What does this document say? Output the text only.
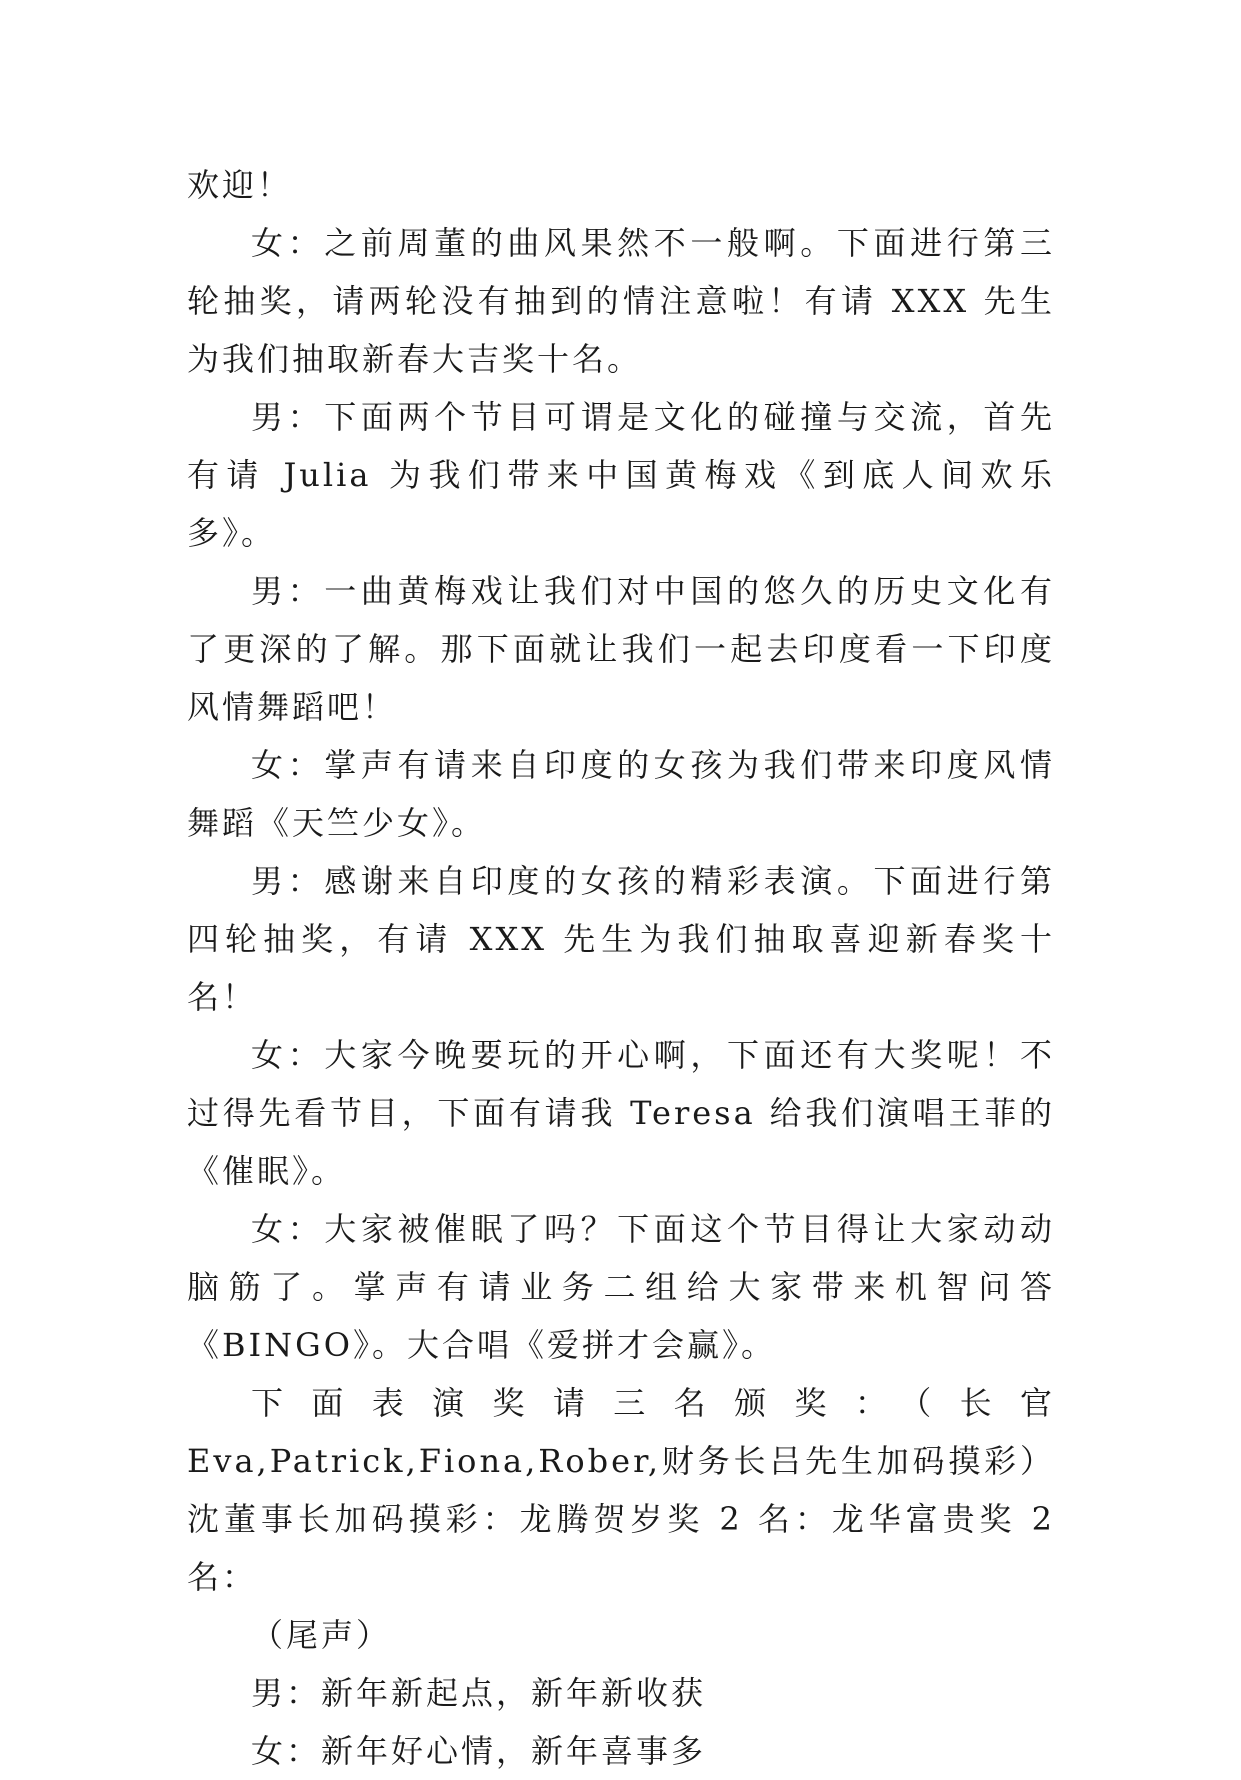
欢迎！

女：之前周董的曲风果然不一般啊。下面进行第三轮抽奖，请两轮没有抽到的情注意啦！有请 XXX 先生为我们抽取新春大吉奖十名。

男：下面两个节目可谓是文化的碰撞与交流，首先有请 Julia 为我们带来中国黄梅戏《到底人间欢乐多》。

男：一曲黄梅戏让我们对中国的悠久的历史文化有了更深的了解。那下面就让我们一起去印度看一下印度风情舞蹈吧！

女：掌声有请来自印度的女孩为我们带来印度风情舞蹈《天竺少女》。

男：感谢来自印度的女孩的精彩表演。下面进行第四轮抽奖，有请 XXX 先生为我们抽取喜迎新春奖十名！

女：大家今晚要玩的开心啊，下面还有大奖呢！不过得先看节目，下面有请我 Teresa 给我们演唱王菲的《催眠》。

女：大家被催眠了吗？下面这个节目得让大家动动脑筋了。掌声有请业务二组给大家带来机智问答《BINGO》。大合唱《爱拼才会赢》。

下面表演奖请三名颁奖：（长官 Eva,Patrick,Fiona,Rober,财务长吕先生加码摸彩）沈董事长加码摸彩：龙腾贺岁奖 2 名：龙华富贵奖 2 名：

（尾声）

男：新年新起点，新年新收获

女：新年好心情，新年喜事多
